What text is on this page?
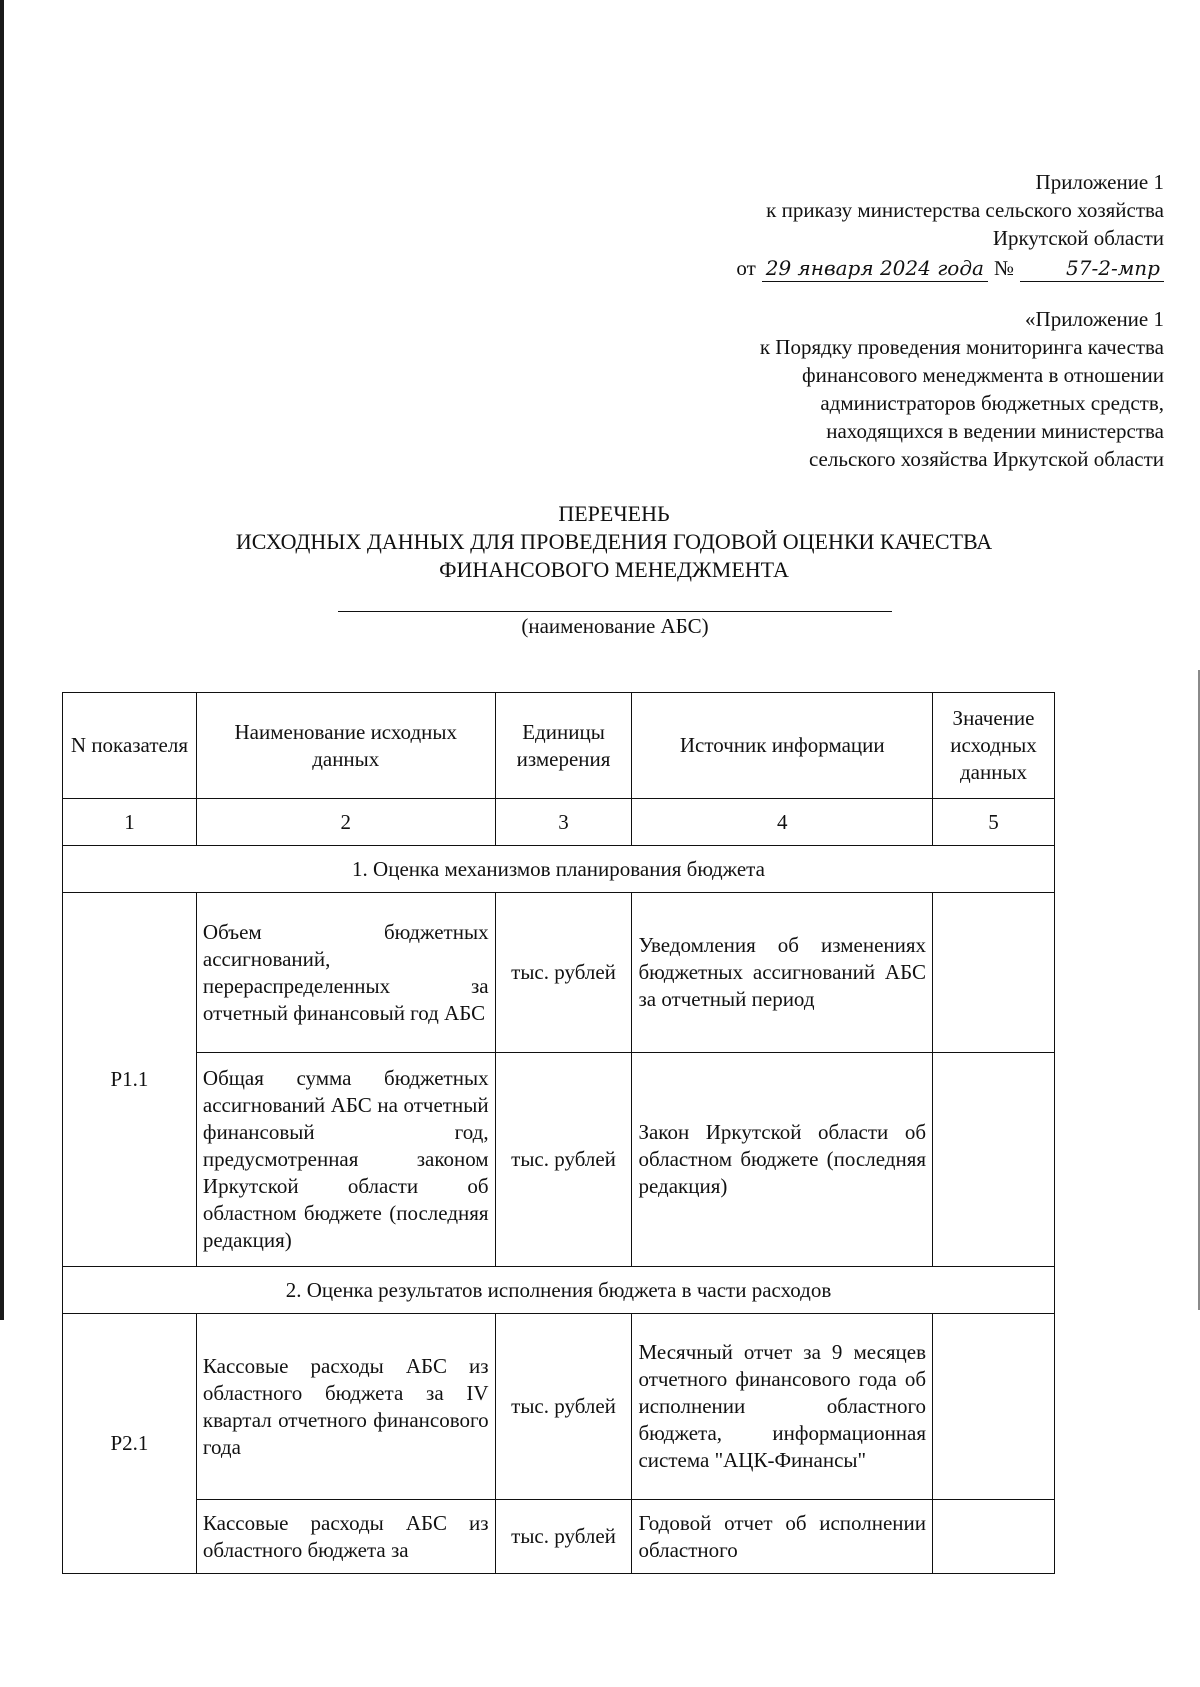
Приложение 1
к приказу министерства сельского хозяйства
Иркутской области
от 29 января 2024 года №	57-2-мпр
«Приложение 1
к Порядку проведения мониторинга качества
финансового менеджмента в отношении
администраторов бюджетных средств,
находящихся в ведении министерства
сельского хозяйства Иркутской области
ПЕРЕЧЕНЬ
ИСХОДНЫХ ДАННЫХ ДЛЯ ПРОВЕДЕНИЯ ГОДОВОЙ ОЦЕНКИ КАЧЕСТВА
ФИНАНСОВОГО МЕНЕДЖМЕНТА
(наименование АБС)
N показателя	Наименование исходных данных	Единицы измерения	Источник информации	Значение исходных данных
1	2	3	4	5
1. Оценка механизмов планирования бюджета				
P1.1	Объем бюджетных ассигнований, перераспределенных за отчетный финансовый год АБС	тыс. рублей	Уведомления об изменениях бюджетных ассигнований АБС за отчетный период	
	Общая сумма бюджетных ассигнований АБС на отчетный финансовый год, предусмотренная законом Иркутской области об областном бюджете (последняя редакция)	тыс. рублей	Закон Иркутской области об областном бюджете (последняя редакция)	
2. Оценка результатов исполнения бюджета в части расходов				
P2.1	Кассовые расходы АБС из областного бюджета за IV квартал отчетного финансового года	тыс. рублей	Месячный отчет за 9 месяцев отчетного финансового года об исполнении областного бюджета, информационная система "АЦК-Финансы"	
	Кассовые расходы АБС из областного бюджета за	тыс. рублей	Годовой отчет об исполнении областного	
